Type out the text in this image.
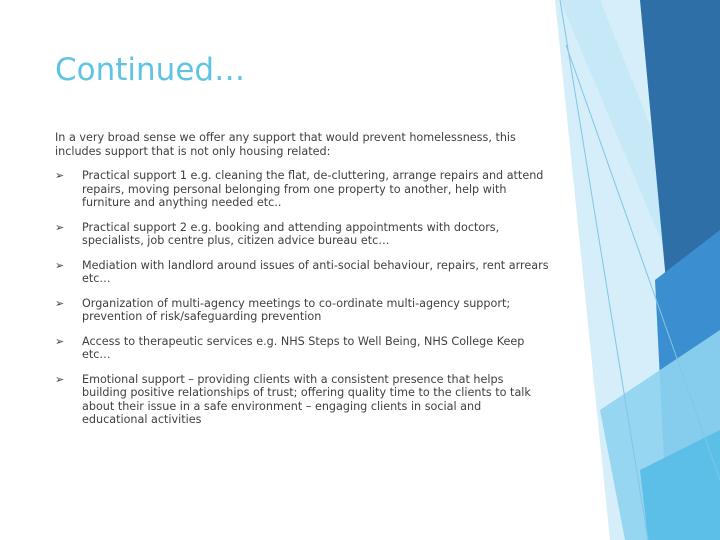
Continued…

In a very broad sense we offer any support that would prevent homelessness, this includes support that is not only housing related:

➢ Practical support 1 e.g. cleaning the flat, de-cluttering, arrange repairs and attend repairs, moving personal belonging from one property to another, help with furniture and anything needed etc..
➢ Practical support 2 e.g. booking and attending appointments with doctors, specialists, job centre plus, citizen advice bureau etc…
➢ Mediation with landlord around issues of anti-social behaviour, repairs, rent arrears etc…
➢ Organization of multi-agency meetings to co-ordinate multi-agency support; prevention of risk/safeguarding prevention
➢ Access to therapeutic services e.g. NHS Steps to Well Being, NHS College Keep etc…
➢ Emotional support – providing clients with a consistent presence that helps building positive relationships of trust; offering quality time to the clients to talk about their issue in a safe environment – engaging clients in social and educational activities
